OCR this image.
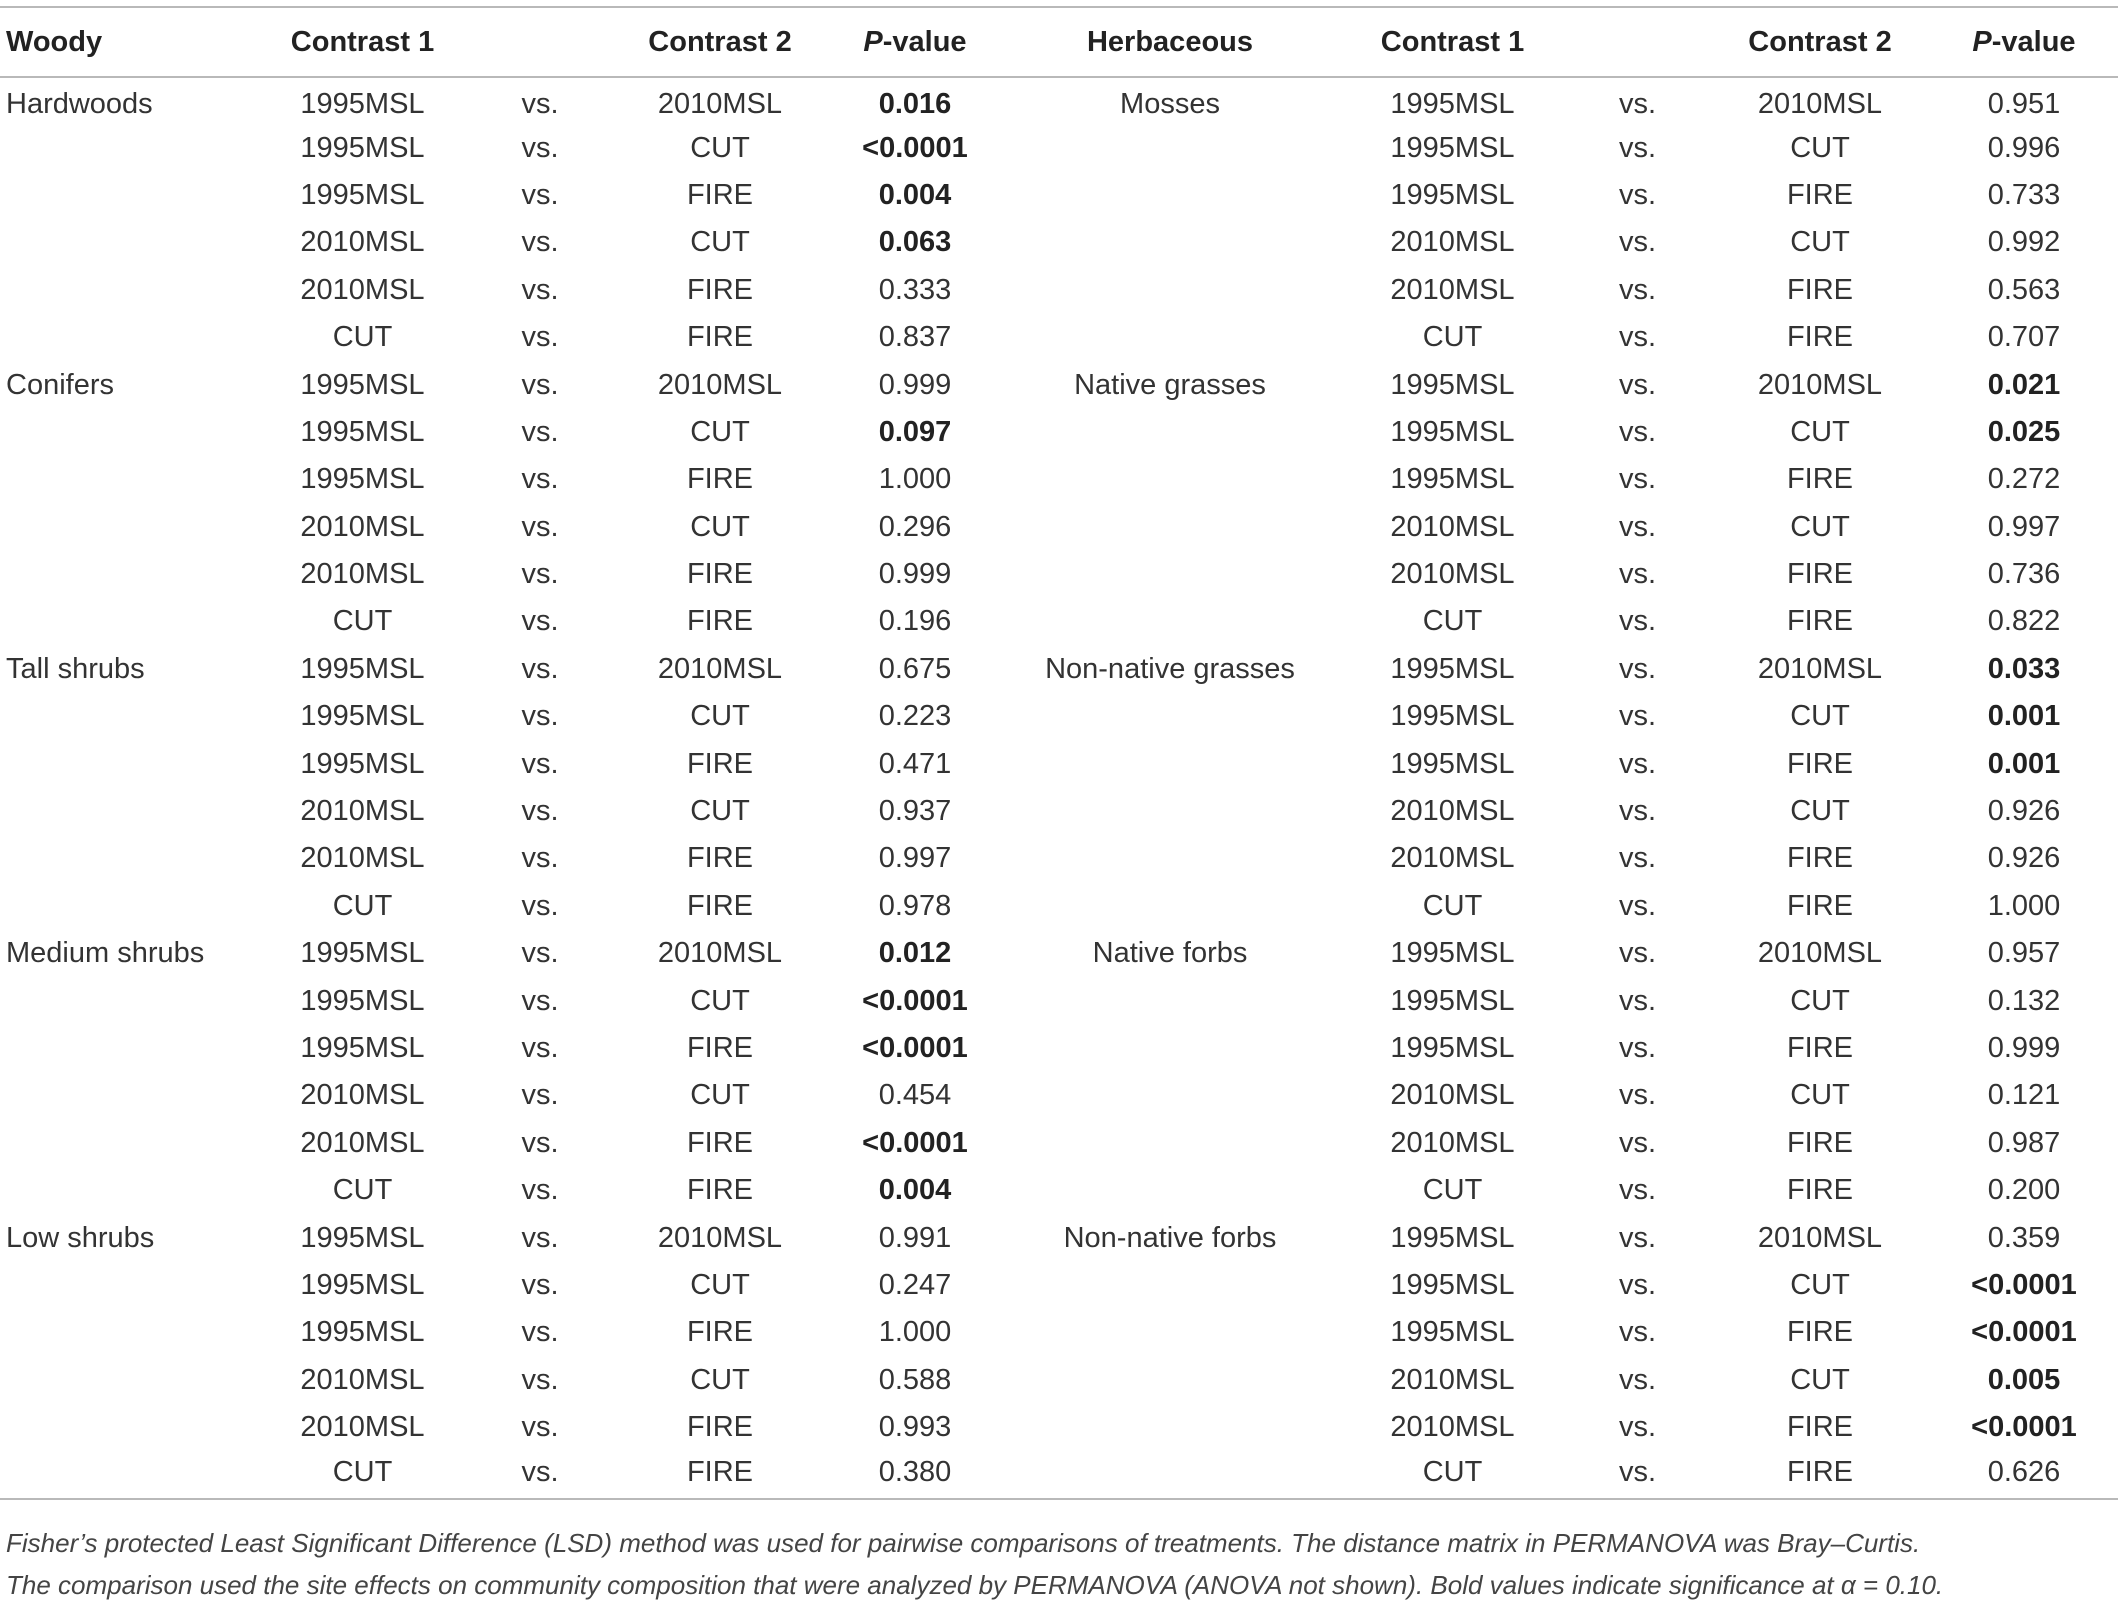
Woody	Contrast 1		Contrast 2	P-value	Herbaceous	Contrast 1		Contrast 2	P-value
Hardwoods	1995MSL	vs.	2010MSL	0.016	Mosses	1995MSL	vs.	2010MSL	0.951
	1995MSL	vs.	CUT	<0.0001		1995MSL	vs.	CUT	0.996
	1995MSL	vs.	FIRE	0.004		1995MSL	vs.	FIRE	0.733
	2010MSL	vs.	CUT	0.063		2010MSL	vs.	CUT	0.992
	2010MSL	vs.	FIRE	0.333		2010MSL	vs.	FIRE	0.563
	CUT	vs.	FIRE	0.837		CUT	vs.	FIRE	0.707
Conifers	1995MSL	vs.	2010MSL	0.999	Native grasses	1995MSL	vs.	2010MSL	0.021
	1995MSL	vs.	CUT	0.097		1995MSL	vs.	CUT	0.025
	1995MSL	vs.	FIRE	1.000		1995MSL	vs.	FIRE	0.272
	2010MSL	vs.	CUT	0.296		2010MSL	vs.	CUT	0.997
	2010MSL	vs.	FIRE	0.999		2010MSL	vs.	FIRE	0.736
	CUT	vs.	FIRE	0.196		CUT	vs.	FIRE	0.822
Tall shrubs	1995MSL	vs.	2010MSL	0.675	Non-native grasses	1995MSL	vs.	2010MSL	0.033
	1995MSL	vs.	CUT	0.223		1995MSL	vs.	CUT	0.001
	1995MSL	vs.	FIRE	0.471		1995MSL	vs.	FIRE	0.001
	2010MSL	vs.	CUT	0.937		2010MSL	vs.	CUT	0.926
	2010MSL	vs.	FIRE	0.997		2010MSL	vs.	FIRE	0.926
	CUT	vs.	FIRE	0.978		CUT	vs.	FIRE	1.000
Medium shrubs	1995MSL	vs.	2010MSL	0.012	Native forbs	1995MSL	vs.	2010MSL	0.957
	1995MSL	vs.	CUT	<0.0001		1995MSL	vs.	CUT	0.132
	1995MSL	vs.	FIRE	<0.0001		1995MSL	vs.	FIRE	0.999
	2010MSL	vs.	CUT	0.454		2010MSL	vs.	CUT	0.121
	2010MSL	vs.	FIRE	<0.0001		2010MSL	vs.	FIRE	0.987
	CUT	vs.	FIRE	0.004		CUT	vs.	FIRE	0.200
Low shrubs	1995MSL	vs.	2010MSL	0.991	Non-native forbs	1995MSL	vs.	2010MSL	0.359
	1995MSL	vs.	CUT	0.247		1995MSL	vs.	CUT	<0.0001
	1995MSL	vs.	FIRE	1.000		1995MSL	vs.	FIRE	<0.0001
	2010MSL	vs.	CUT	0.588		2010MSL	vs.	CUT	0.005
	2010MSL	vs.	FIRE	0.993		2010MSL	vs.	FIRE	<0.0001
	CUT	vs.	FIRE	0.380		CUT	vs.	FIRE	0.626

Fisher’s protected Least Significant Difference (LSD) method was used for pairwise comparisons of treatments. The distance matrix in PERMANOVA was Bray–Curtis.

The comparison used the site effects on community composition that were analyzed by PERMANOVA (ANOVA not shown). Bold values indicate significance at α = 0.10.
